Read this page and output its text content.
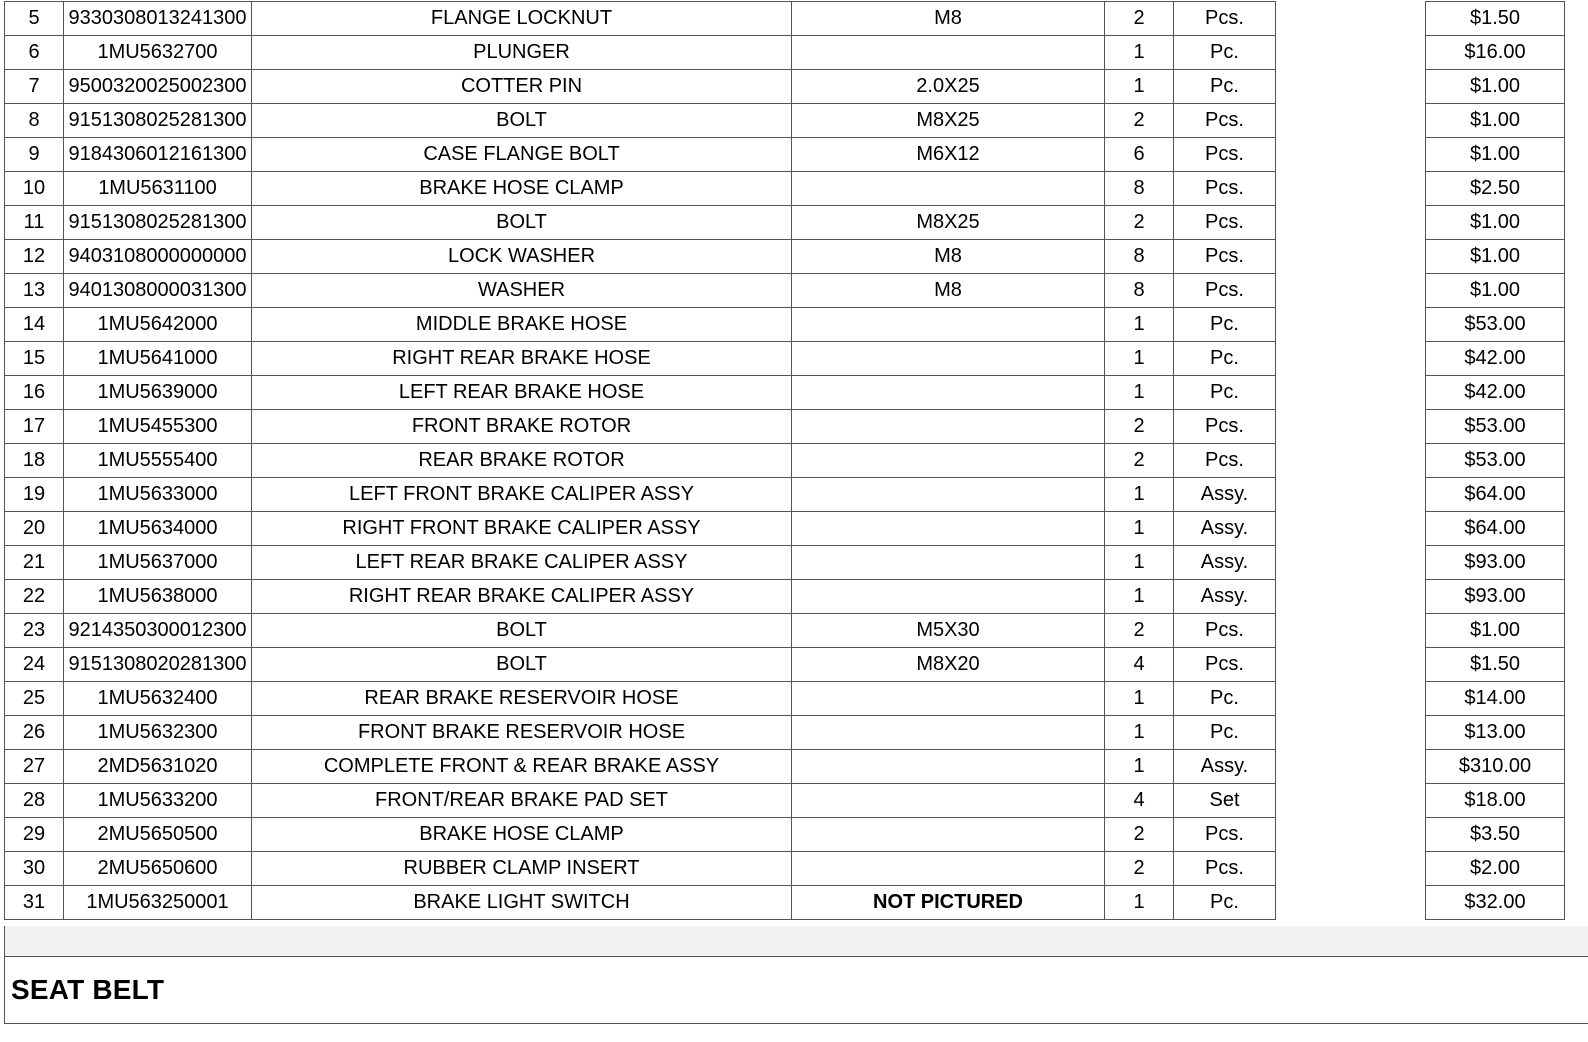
5	9330308013241300	FLANGE LOCKNUT	M8	2	Pcs.		$1.50	
6	1MU5632700	PLUNGER		1	Pc.		$16.00	
7	9500320025002300	COTTER PIN	2.0X25	1	Pc.		$1.00	
8	9151308025281300	BOLT	M8X25	2	Pcs.		$1.00	
9	9184306012161300	CASE FLANGE BOLT	M6X12	6	Pcs.		$1.00	
10	1MU5631100	BRAKE HOSE CLAMP		8	Pcs.		$2.50	
11	9151308025281300	BOLT	M8X25	2	Pcs.		$1.00	
12	9403108000000000	LOCK WASHER	M8	8	Pcs.		$1.00	
13	9401308000031300	WASHER	M8	8	Pcs.		$1.00	
14	1MU5642000	MIDDLE BRAKE HOSE		1	Pc.		$53.00	
15	1MU5641000	RIGHT REAR BRAKE HOSE		1	Pc.		$42.00	
16	1MU5639000	LEFT REAR BRAKE HOSE		1	Pc.		$42.00	
17	1MU5455300	FRONT BRAKE ROTOR		2	Pcs.		$53.00	
18	1MU5555400	REAR BRAKE ROTOR		2	Pcs.		$53.00	
19	1MU5633000	LEFT FRONT BRAKE CALIPER ASSY		1	Assy.		$64.00	
20	1MU5634000	RIGHT FRONT BRAKE CALIPER ASSY		1	Assy.		$64.00	
21	1MU5637000	LEFT REAR BRAKE CALIPER ASSY		1	Assy.		$93.00	
22	1MU5638000	RIGHT REAR BRAKE CALIPER ASSY		1	Assy.		$93.00	
23	9214350300012300	BOLT	M5X30	2	Pcs.		$1.00	
24	9151308020281300	BOLT	M8X20	4	Pcs.		$1.50	
25	1MU5632400	REAR BRAKE RESERVOIR HOSE		1	Pc.		$14.00	
26	1MU5632300	FRONT BRAKE RESERVOIR HOSE		1	Pc.		$13.00	
27	2MD5631020	COMPLETE FRONT & REAR BRAKE ASSY		1	Assy.		$310.00	
28	1MU5633200	FRONT/REAR BRAKE PAD SET		4	Set		$18.00	
29	2MU5650500	BRAKE HOSE CLAMP		2	Pcs.		$3.50	
30	2MU5650600	RUBBER CLAMP INSERT		2	Pcs.		$2.00	
31	1MU563250001	BRAKE LIGHT SWITCH	NOT PICTURED	1	Pc.		$32.00	
SEAT BELT
